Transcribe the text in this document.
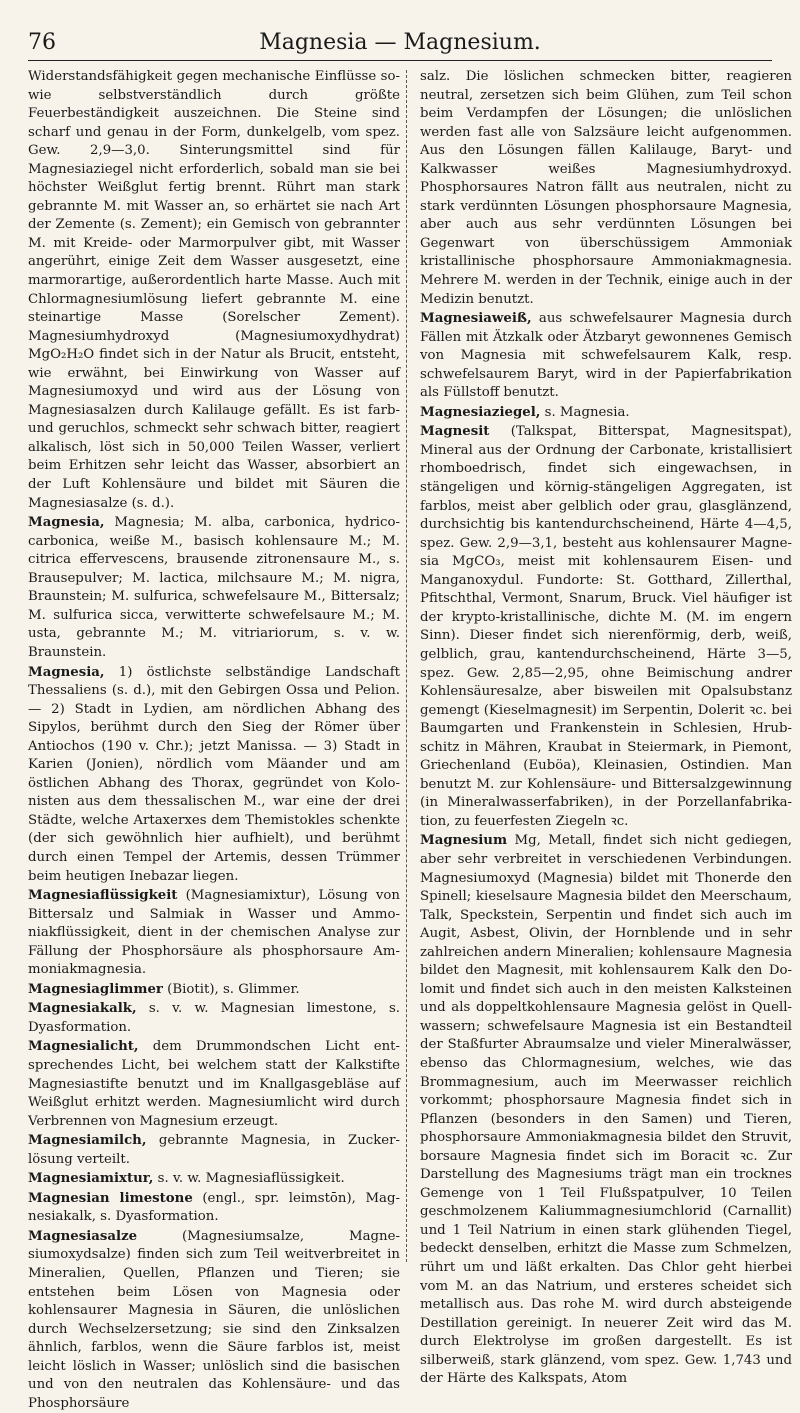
76	Magnesia — Magnesium.

Widerstandsfähigkeit gegen mechanische Einflüsse sowie selbstverständlich durch größte Feuerbeständigkeit auszeichnen. Die Steine sind scharf und genau in der Form, dunkelgelb, vom spez. Gew. 2,9—3,0. Sinterungsmittel sind für Magnesiaziegel nicht erforderlich, sobald man sie bei höchster Weißglut fertig brennt. Rührt man stark gebrannte M. mit Wasser an, so erhärtet sie nach Art der Zemente (s. Zement); ein Gemisch von gebrannter M. mit Kreide- oder Marmorpulver gibt, mit Wasser angerührt, einige Zeit dem Wasser ausgesetzt, eine marmorartige, außerordentlich harte Masse. Auch mit Chlormagnesiumlösung liefert gebrannte M. eine steinartige Masse (Sorelscher Zement). Magnesiumhydroxyd (Magnesiumoxydhydrat) MgO₂H₂O findet sich in der Natur als Brucit, entsteht, wie erwähnt, bei Einwirkung von Wasser auf Magnesiumoxyd und wird aus der Lösung von Magnesiasalzen durch Kalilauge gefällt. Es ist farb- und geruchlos, schmeckt sehr schwach bitter, reagiert alkalisch, löst sich in 50,000 Teilen Wasser, verliert beim Erhitzen sehr leicht das Wasser, absorbiert an der Luft Kohlensäure und bildet mit Säuren die Magnesiasalze (s. d.).

Magnesia, Magnesia; M. alba, carbonica, hydrico-carbonica, weiße M., basisch kohlensaure M.; M. citrica effervescens, brausende zitronensaure M., s. Brausepulver; M. lactica, milchsaure M.; M. nigra, Braunstein; M. sulfurica, schwefelsaure M., Bittersalz; M. sulfurica sicca, verwitterte schwefelsaure M.; M. usta, gebrannte M.; M. vitriariorum, s. v. w. Braunstein.

Magnesia, 1) östlichste selbständige Landschaft Thessaliens (s. d.), mit den Gebirgen Ossa und Pelion. — 2) Stadt in Lydien, am nördlichen Abhang des Sipylos, berühmt durch den Sieg der Römer über Antiochos (190 v. Chr.); jetzt Manissa. — 3) Stadt in Karien (Jonien), nördlich vom Mäander und am östlichen Abhang des Thorax, gegründet von Kolonisten aus dem thessalischen M., war eine der drei Städte, welche Artaxerxes dem Themistokles schenkte (der sich gewöhnlich hier aufhielt), und berühmt durch einen Tempel der Artemis, dessen Trümmer beim heutigen Inebazar liegen.

Magnesiaflüssigkeit (Magnesiamixtur), Lösung von Bittersalz und Salmiak in Wasser und Ammoniakflüssigkeit, dient in der chemischen Analyse zur Fällung der Phosphorsäure als phosphorsaure Ammoniakmagnesia.

Magnesiaglimmer (Biotit), s. Glimmer.

Magnesiakalk, s. v. w. Magnesian limestone, s. Dyasformation.

Magnesialicht, dem Drummondschen Licht entsprechendes Licht, bei welchem statt der Kalkstifte Magnesiastifte benutzt und im Knallgasgebläse auf Weißglut erhitzt werden. Magnesiumlicht wird durch Verbrennen von Magnesium erzeugt.

Magnesiamilch, gebrannte Magnesia, in Zuckerlösung verteilt.

Magnesiamixtur, s. v. w. Magnesiaflüssigkeit.

Magnesian limestone (engl., spr. leimstōn), Magnesiakalk, s. Dyasformation.

Magnesiasalze	(Magnesiumsalze, Magnesiumoxydsalze) finden sich zum Teil weitverbreitet in Mineralien, Quellen, Pflanzen und Tieren; sie entstehen beim Lösen von Magnesia oder kohlensaurer Magnesia in Säuren, die unlöslichen durch Wechselzersetzung; sie sind den Zinksalzen ähnlich, farblos, wenn die Säure farblos ist, meist leicht löslich in Wasser; unlöslich sind die basischen und von den neutralen das Kohlensäure- und das Phosphorsäure

salz. Die löslichen schmecken bitter, reagieren neutral, zersetzen sich beim Glühen, zum Teil schon beim Verdampfen der Lösungen; die unlöslichen werden fast alle von Salzsäure leicht aufgenommen. Aus den Lösungen fällen Kalilauge, Baryt- und Kalkwasser weißes Magnesiumhydroxyd. Phosphorsaures Natron fällt aus neutralen, nicht zu stark verdünnten Lösungen phosphorsaure Magnesia, aber auch aus sehr verdünnten Lösungen bei Gegenwart von überschüssigem Ammoniak kristallinische phosphorsaure Ammoniakmagnesia. Mehrere M. werden in der Technik, einige auch in der Medizin benutzt.

Magnesiaweiß, aus schwefelsaurer Magnesia durch Fällen mit Ätzkalk oder Ätzbaryt gewonnenes Gemisch von Magnesia mit schwefelsaurem Kalk, resp. schwefelsaurem Baryt, wird in der Papierfabrikation als Füllstoff benutzt.

Magnesiaziegel, s. Magnesia.

Magnesit (Talkspat, Bitterspat, Magnesitspat), Mineral aus der Ordnung der Carbonate, kristallisiert rhomboedrisch, findet sich eingewachsen, in stängeligen und körnig-stängeligen Aggregaten, ist farblos, meist aber gelblich oder grau, glasglänzend, durchsichtig bis kantendurchscheinend, Härte 4—4,5, spez. Gew. 2,9—3,1, besteht aus kohlensaurer Magnesia MgCO₃, meist mit kohlensaurem Eisen- und Manganoxydul. Fundorte: St. Gotthard, Zillerthal, Pfitschthal, Vermont, Snarum, Bruck. Viel häufiger ist der krypto-kristallinische, dichte M. (M. im engern Sinn). Dieser findet sich nierenförmig, derb, weiß, gelblich, grau, kantendurchscheinend, Härte 3—5, spez. Gew. 2,85—2,95, ohne Beimischung andrer Kohlensäuresalze, aber bisweilen mit Opalsubstanz gemengt (Kieselmagnesit) im Serpentin, Dolerit ꝛc. bei Baumgarten und Frankenstein in Schlesien, Hrubschitz in Mähren, Kraubat in Steiermark, in Piemont, Griechenland (Euböa), Kleinasien, Ostindien. Man benutzt M. zur Kohlensäure- und Bittersalzgewinnung (in Mineralwasserfabriken), in der Porzellanfabrikation, zu feuerfesten Ziegeln ꝛc.

Magnesium Mg, Metall, findet sich nicht gediegen, aber sehr verbreitet in verschiedenen Verbindungen. Magnesiumoxyd (Magnesia) bildet mit Thonerde den Spinell; kieselsaure Magnesia bildet den Meerschaum, Talk, Speckstein, Serpentin und findet sich auch im Augit, Asbest, Olivin, der Hornblende und in sehr zahlreichen andern Mineralien; kohlensaure Magnesia bildet den Magnesit, mit kohlensaurem Kalk den Dolomit und findet sich auch in den meisten Kalksteinen und als doppeltkohlensaure Magnesia gelöst in Quellwassern; schwefelsaure Magnesia ist ein Bestandteil der Staßfurter Abraumsalze und vieler Mineralwässer, ebenso das Chlormagnesium, welches, wie das Brommagnesium, auch im Meerwasser reichlich vorkommt; phosphorsaure Magnesia findet sich in Pflanzen (besonders in den Samen) und Tieren, phosphorsaure Ammoniakmagnesia bildet den Struvit, borsaure Magnesia findet sich im Boracit ꝛc. Zur Darstellung des Magnesiums trägt man ein trocknes Gemenge von 1 Teil Flußspatpulver, 10 Teilen geschmolzenem Kaliummagnesiumchlorid (Carnallit) und 1 Teil Natrium in einen stark glühenden Tiegel, bedeckt denselben, erhitzt die Masse zum Schmelzen, rührt um und läßt erkalten. Das Chlor geht hierbei vom M. an das Natrium, und ersteres scheidet sich metallisch aus. Das rohe M. wird durch absteigende Destillation gereinigt. In neuerer Zeit wird das M. durch Elektrolyse im großen dargestellt. Es ist silberweiß, stark glänzend, vom spez. Gew. 1,743 und der Härte des Kalkspats, Atom
